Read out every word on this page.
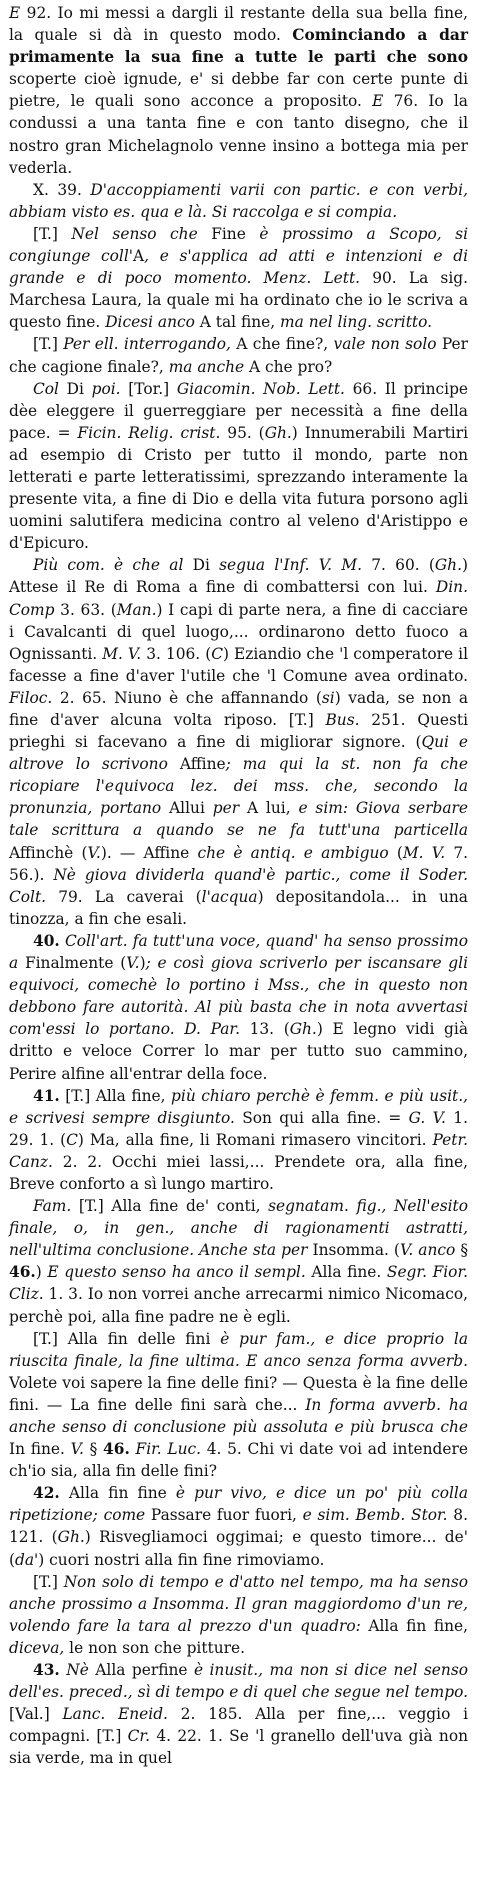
E 92. Io mi messi a dargli il restante della sua bella fine, la quale si dà in questo modo. Cominciando a dar primamente la sua fine a tutte le parti che sono scoperte cioè ignude, e' si debbe far con certe punte di pietre, le quali sono acconce a proposito. E 76. Io la condussi a una tanta fine e con tanto disegno, che il nostro gran Michelagnolo venne insino a bottega mia per vederla.

X. 39. D'accoppiamenti varii con partic. e con verbi, abbiam visto es. qua e là. Si raccolga e si compia.

[T.] Nel senso che Fine è prossimo a Scopo, si congiunge coll'A, e s'applica ad atti e intenzioni e di grande e di poco momento. Menz. Lett. 90. La sig. Marchesa Laura, la quale mi ha ordinato che io le scriva a questo fine. Dicesi anco A tal fine, ma nel ling. scritto.

[T.] Per ell. interrogando, A che fine?, vale non solo Per che cagione finale?, ma anche A che pro?

Col Di poi. [Tor.] Giacomin. Nob. Lett. 66. Il principe dèe eleggere il guerreggiare per necessità a fine della pace. = Ficin. Relig. crist. 95. (Gh.) Innumerabili Martiri ad esempio di Cristo per tutto il mondo, parte non letterati e parte letteratissimi, sprezzando interamente la presente vita, a fine di Dio e della vita futura porsono agli uomini salutifera medicina contro al veleno d'Aristippo e d'Epicuro.

Più com. è che al Di segua l'Inf. V. M. 7. 60. (Gh.) Attese il Re di Roma a fine di combattersi con lui. Din. Comp 3. 63. (Man.) I capi di parte nera, a fine di cacciare i Cavalcanti di quel luogo,... ordinarono detto fuoco a Ognissanti. M. V. 3. 106. (C) Eziandio che 'l comperatore il facesse a fine d'aver l'utile che 'l Comune avea ordinato. Filoc. 2. 65. Niuno è che affannando (si) vada, se non a fine d'aver alcuna volta riposo. [T.] Bus. 251. Questi prieghi si facevano a fine di migliorar signore. (Qui e altrove lo scrivono Affine; ma qui la st. non fa che ricopiare l'equivoca lez. dei mss. che, secondo la pronunzia, portano Allui per A lui, e sim: Giova serbare tale scrittura a quando se ne fa tutt'una particella Affinchè (V.). — Affine che è antiq. e ambiguo (M. V. 7. 56.). Nè giova dividerla quand'è partic., come il Soder. Colt. 79. La caverai (l'acqua) depositandola... in una tinozza, a fin che esali.

40. Coll'art. fa tutt'una voce, quand' ha senso prossimo a Finalmente (V.); e così giova scriverlo per iscansare gli equivoci, comechè lo portino i Mss., che in questo non debbono fare autorità. Al più basta che in nota avvertasi com'essi lo portano. D. Par. 13. (Gh.) E legno vidi già dritto e veloce Correr lo mar per tutto suo cammino, Perire alfine all'entrar della foce.

41. [T.] Alla fine, più chiaro perchè è femm. e più usit., e scrivesi sempre disgiunto. Son qui alla fine. = G. V. 1. 29. 1. (C) Ma, alla fine, li Romani rimasero vincitori. Petr. Canz. 2. 2. Occhi miei lassi,... Prendete ora, alla fine, Breve conforto a sì lungo martiro.

Fam. [T.] Alla fine de' conti, segnatam. fig., Nell'esito finale, o, in gen., anche di ragionamenti astratti, nell'ultima conclusione. Anche sta per Insomma. (V. anco § 46.) E questo senso ha anco il sempl. Alla fine. Segr. Fior. Cliz. 1. 3. Io non vorrei anche arrecarmi nimico Nicomaco, perchè poi, alla fine padre ne è egli.

[T.] Alla fin delle fini è pur fam., e dice proprio la riuscita finale, la fine ultima. E anco senza forma avverb. Volete voi sapere la fine delle fini? — Questa è la fine delle fini. — La fine delle fini sarà che... In forma avverb. ha anche senso di conclusione più assoluta e più brusca che In fine. V. § 46. Fir. Luc. 4. 5. Chi vi date voi ad intendere ch'io sia, alla fin delle fini?

42. Alla fin fine è pur vivo, e dice un po' più colla ripetizione; come Passare fuor fuori, e sim. Bemb. Stor. 8. 121. (Gh.) Risvegliamoci oggimai; e questo timore... de' (da') cuori nostri alla fin fine rimoviamo.

[T.] Non solo di tempo e d'atto nel tempo, ma ha senso anche prossimo a Insomma. Il gran maggiordomo d'un re, volendo fare la tara al prezzo d'un quadro: Alla fin fine, diceva, le non son che pitture.

43. Nè Alla perfine è inusit., ma non si dice nel senso dell'es. preced., sì di tempo e di quel che segue nel tempo. [Val.] Lanc. Eneid. 2. 185. Alla per fine,... veggio i compagni. [T.] Cr. 4. 22. 1. Se 'l granello dell'uva già non sia verde, ma in quel
